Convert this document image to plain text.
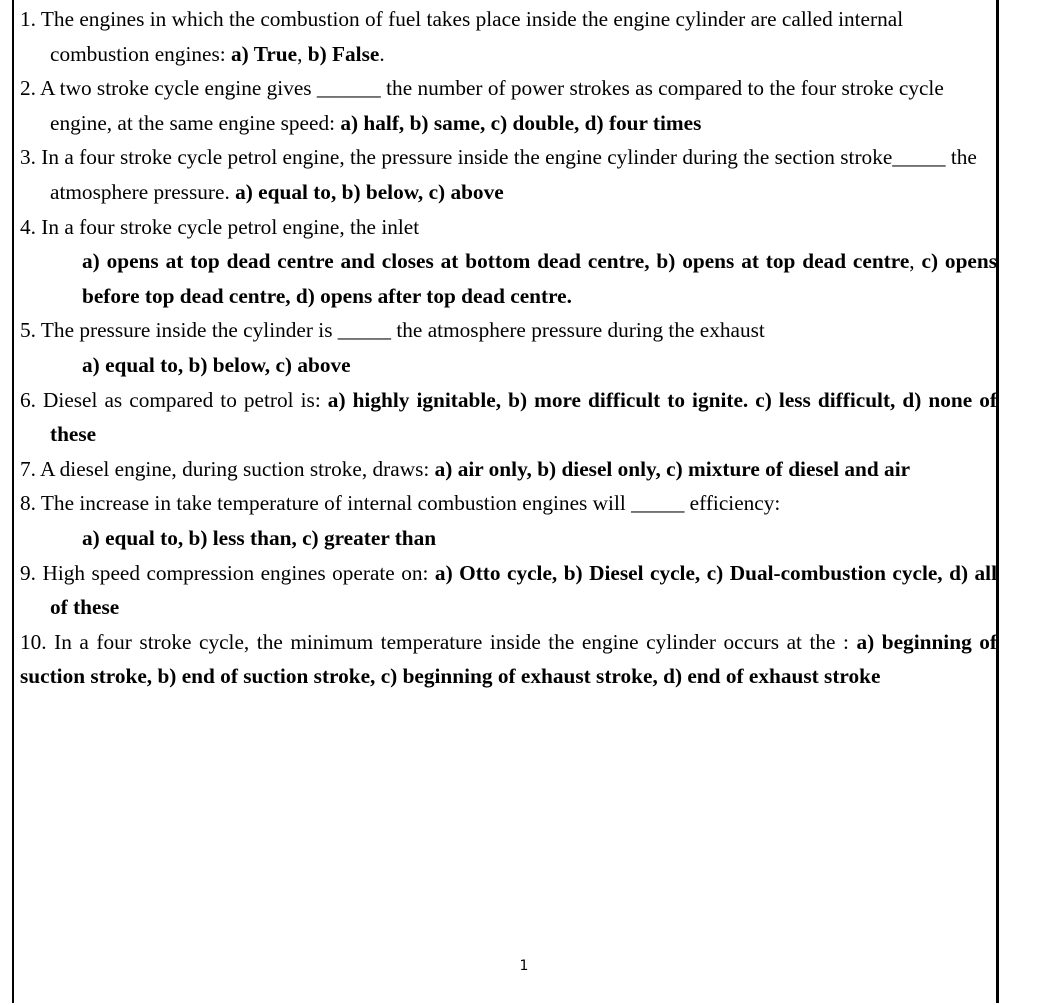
1. The engines in which the combustion of fuel takes place inside the engine cylinder are called internal combustion engines: a) True, b) False.

2. A two stroke cycle engine gives ______ the number of power strokes as compared to the four stroke cycle engine, at the same engine speed: a) half, b) same, c) double, d) four times

3. In a four stroke cycle petrol engine, the pressure inside the engine cylinder during the section stroke_____ the atmosphere pressure. a) equal to, b) below, c) above

4. In a four stroke cycle petrol engine, the inlet

a) opens at top dead centre and closes at bottom dead centre, b) opens at top dead centre, c) opens before top dead centre, d) opens after top dead centre.

5. The pressure inside the cylinder is _____ the atmosphere pressure during the exhaust

a) equal to, b) below, c) above

6. Diesel as compared to petrol is: a) highly ignitable, b) more difficult to ignite. c) less difficult, d) none of these

7. A diesel engine, during suction stroke, draws: a) air only, b) diesel only, c) mixture of diesel and air

8. The increase in take temperature of internal combustion engines will _____ efficiency:

a) equal to, b) less than, c) greater than

9. High speed compression engines operate on: a) Otto cycle, b) Diesel cycle, c) Dual-combustion cycle, d) all of these

10. In a four stroke cycle, the minimum temperature inside the engine cylinder occurs at the : a) beginning of suction stroke, b) end of suction stroke, c) beginning of exhaust stroke, d) end of exhaust stroke

1
